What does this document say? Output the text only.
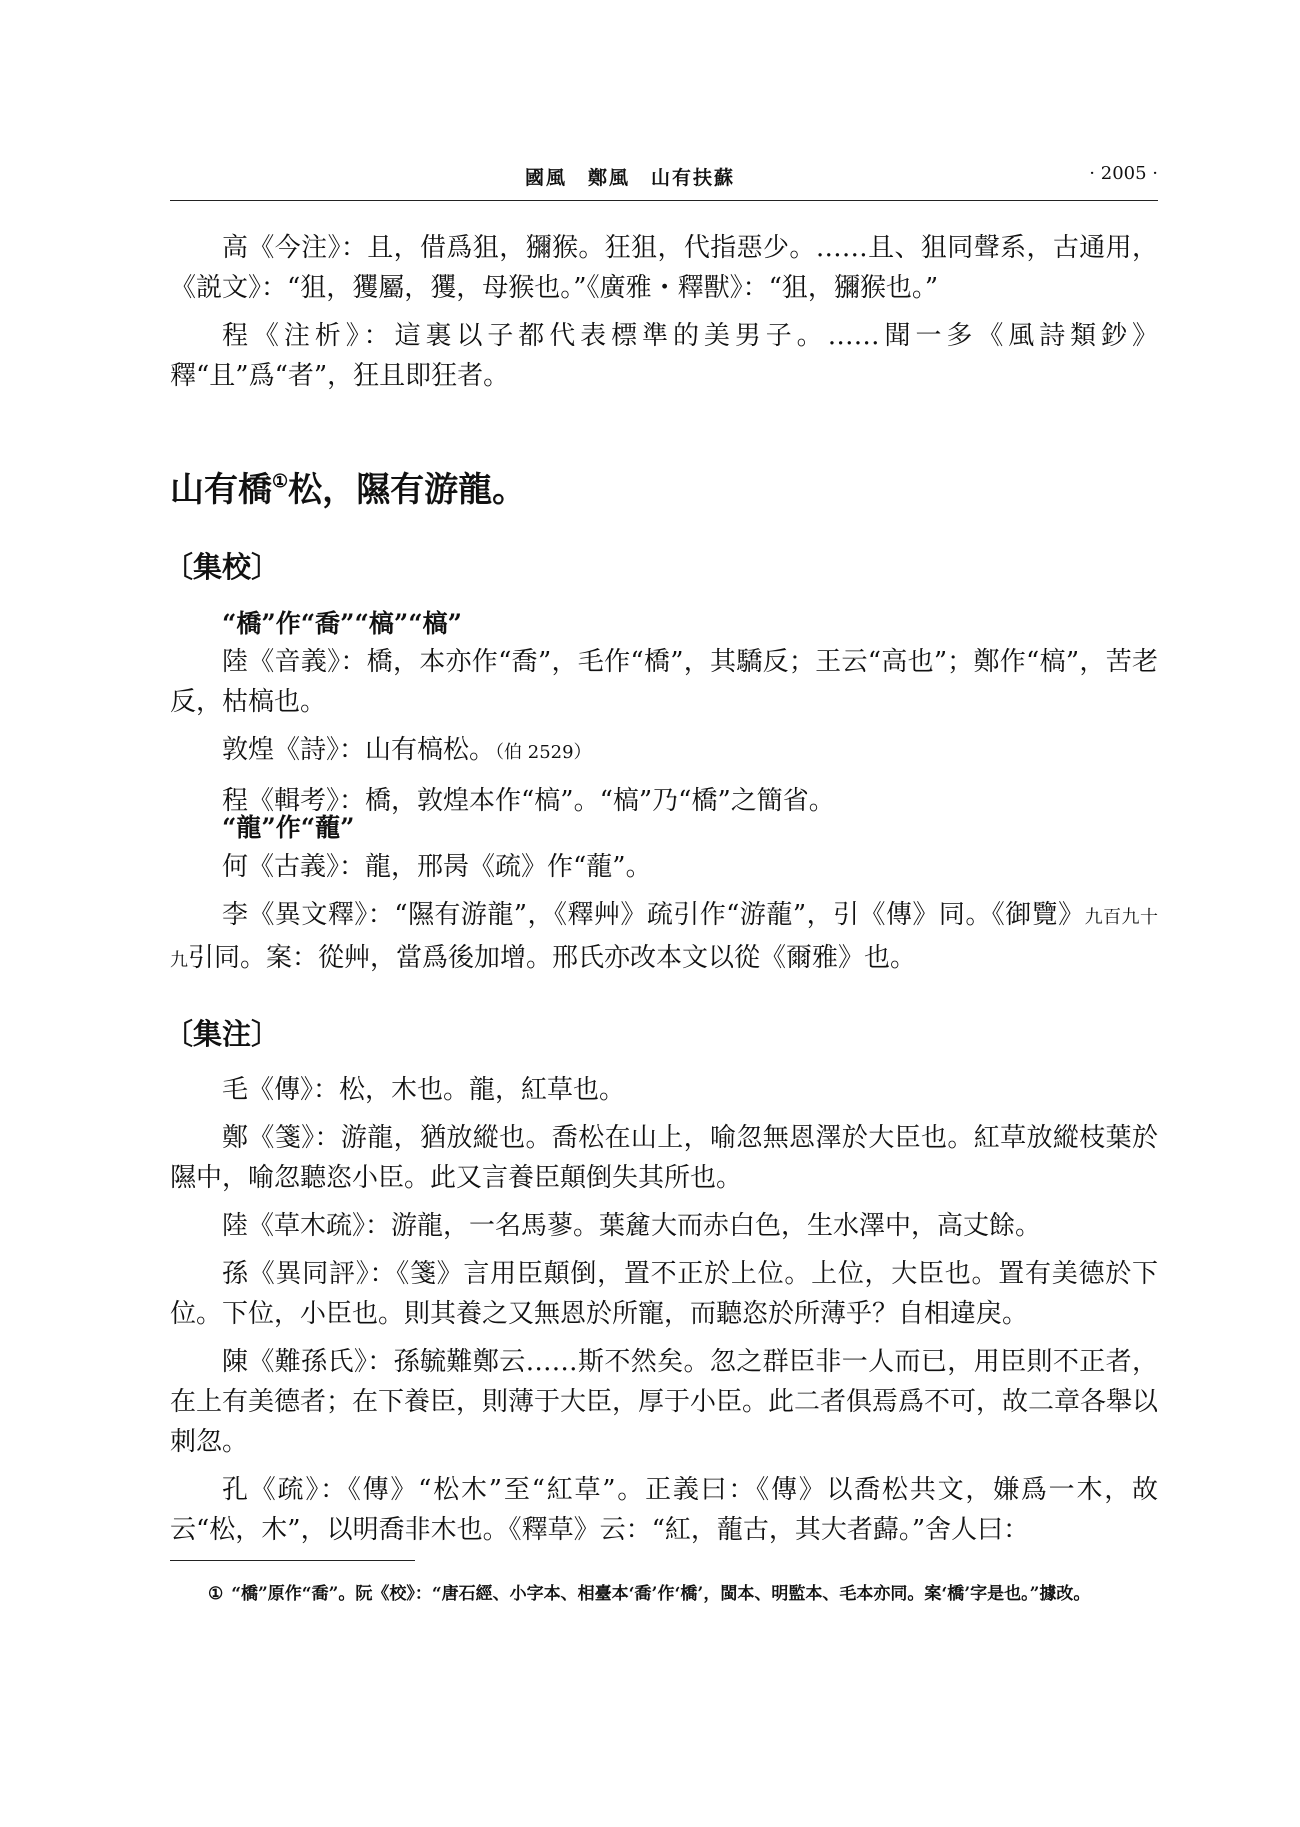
國風　鄭風　山有扶蘇	· 2005 ·

高《今注》：且，借爲狙，獼猴。狂狙，代指惡少。……且、狙同聲系，古通用，《説文》：“狙，玃屬，玃，母猴也。”《廣雅・釋獸》：“狙，獼猴也。”

程《注析》：這裏以子都代表標準的美男子。……聞一多《風詩類鈔》釋“且”爲“者”，狂且即狂者。

山有橋①松，隰有游龍。
〔集校〕
“橋”作“喬”“槁”“槁”

陸《音義》：橋，本亦作“喬”，毛作“橋”，其驕反；王云“高也”；鄭作“槁”，苦老反，枯槁也。

敦煌《詩》：山有槁松。（伯 2529）

程《輯考》：橋，敦煌本作“槁”。“槁”乃“橋”之簡省。

“龍”作“蘢”

何《古義》：龍，邢昺《疏》作“蘢”。

李《異文釋》：“隰有游龍”，《釋艸》疏引作“游蘢”，引《傳》同。《御覽》九百九十九引同。案：從艸，當爲後加增。邢氏亦改本文以從《爾雅》也。

〔集注〕

毛《傳》：松，木也。龍，紅草也。

鄭《箋》：游龍，猶放縱也。喬松在山上，喻忽無恩澤於大臣也。紅草放縱枝葉於隰中，喻忽聽恣小臣。此又言養臣顛倒失其所也。

陸《草木疏》：游龍，一名馬蓼。葉麄大而赤白色，生水澤中，高丈餘。

孫《異同評》：《箋》言用臣顛倒，置不正於上位。上位，大臣也。置有美德於下位。下位，小臣也。則其養之又無恩於所寵，而聽恣於所薄乎？自相違戾。

陳《難孫氏》：孫毓難鄭云……斯不然矣。忽之群臣非一人而已，用臣則不正者，在上有美德者；在下養臣，則薄于大臣，厚于小臣。此二者俱焉爲不可，故二章各舉以刺忽。

孔《疏》：《傳》“松木”至“紅草”。正義曰：《傳》以喬松共文，嫌爲一木，故云“松，木”，以明喬非木也。《釋草》云：“紅，蘢古，其大者蘬。”舍人曰：

① “橋”原作“喬”。阮《校》：“唐石經、小字本、相臺本‘喬’作‘橋’，閩本、明監本、毛本亦同。案‘橋’字是也。”據改。
